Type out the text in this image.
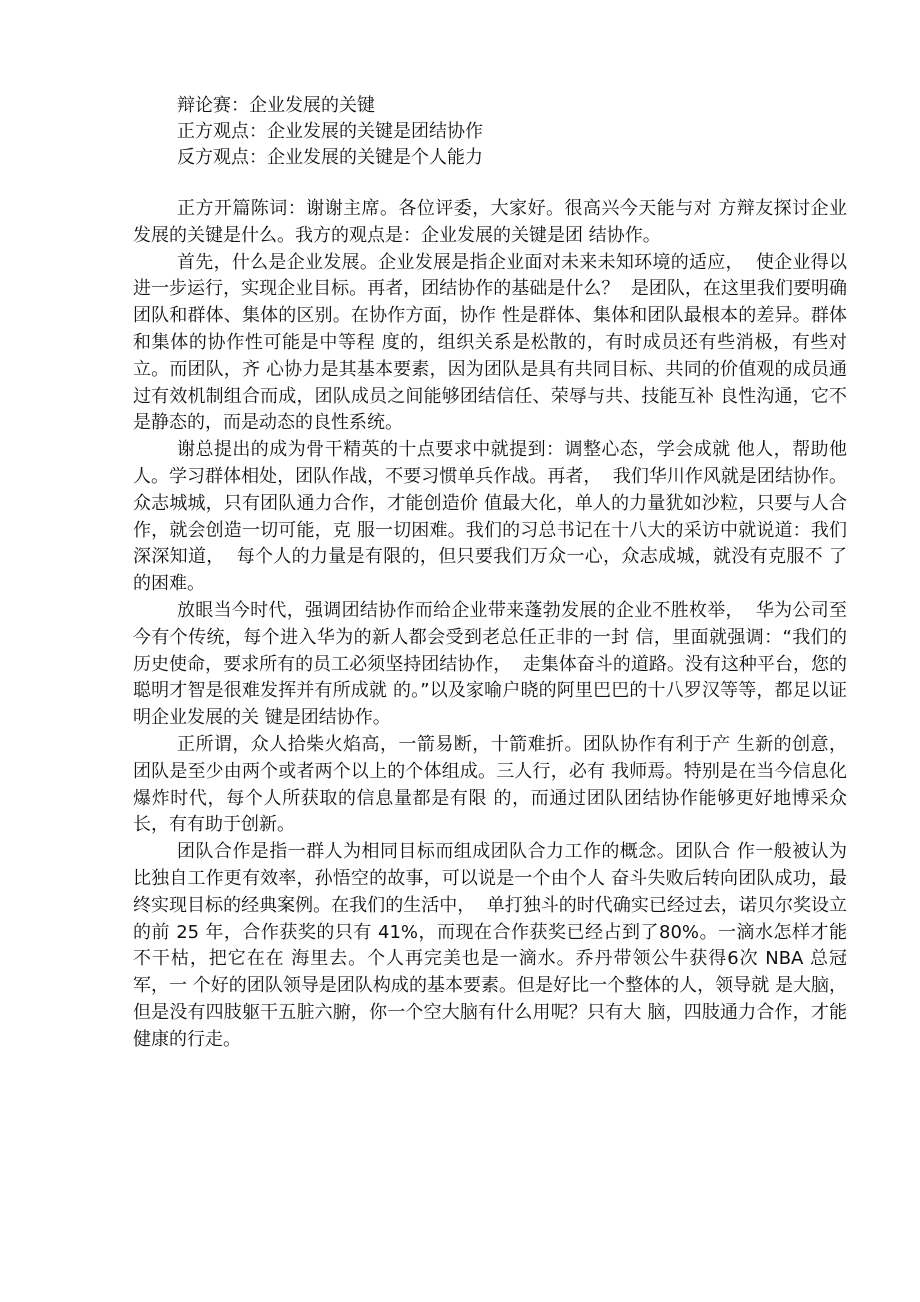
辩论赛：企业发展的关键
正方观点：企业发展的关键是团结协作
反方观点：企业发展的关键是个人能力

正方开篇陈词：谢谢主席。各位评委，大家好。很高兴今天能与对 方辩友探讨企业发展的关键是什么。我方的观点是：企业发展的关键是团 结协作。

首先，什么是企业发展。企业发展是指企业面对未来未知环境的适应，  使企业得以进一步运行，实现企业目标。再者，团结协作的基础是什么？  是团队，在这里我们要明确团队和群体、集体的区别。在协作方面，协作 性是群体、集体和团队最根本的差异。群体和集体的协作性可能是中等程 度的，组织关系是松散的，有时成员还有些消极，有些对立。而团队，齐 心协力是其基本要素，因为团队是具有共同目标、共同的价值观的成员通 过有效机制组合而成，团队成员之间能够团结信任、荣辱与共、技能互补 良性沟通，它不是静态的，而是动态的良性系统。

谢总提出的成为骨干精英的十点要求中就提到：调整心态，学会成就 他人，帮助他人。学习群体相处，团队作战，不要习惯单兵作战。再者，  我们华川作风就是团结协作。众志城城，只有团队通力合作，才能创造价 值最大化，单人的力量犹如沙粒，只要与人合作，就会创造一切可能，克 服一切困难。我们的习总书记在十八大的采访中就说道：我们深深知道，  每个人的力量是有限的，但只要我们万众一心，众志成城，就没有克服不 了的困难。

放眼当今时代，强调团结协作而给企业带来蓬勃发展的企业不胜枚举，  华为公司至今有个传统，每个进入华为的新人都会受到老总任正非的一封 信，里面就强调：“我们的历史使命，要求所有的员工必须坚持团结协作，  走集体奋斗的道路。没有这种平台，您的聪明才智是很难发挥并有所成就 的。”以及家喻户晓的阿里巴巴的十八罗汉等等，都足以证明企业发展的关 键是团结协作。

正所谓，众人拾柴火焰高，一箭易断，十箭难折。团队协作有利于产 生新的创意，团队是至少由两个或者两个以上的个体组成。三人行，必有 我师焉。特别是在当今信息化爆炸时代，每个人所获取的信息量都是有限 的，而通过团队团结协作能够更好地博采众长，有有助于创新。

团队合作是指一群人为相同目标而组成团队合力工作的概念。团队合 作一般被认为比独自工作更有效率，孙悟空的故事，可以说是一个由个人 奋斗失败后转向团队成功，最终实现目标的经典案例。在我们的生活中，  单打独斗的时代确实已经过去，诺贝尔奖设立的前 25 年，合作获奖的只有 41%，而现在合作获奖已经占到了80%。一滴水怎样才能不干枯，把它在在 海里去。个人再完美也是一滴水。乔丹带领公牛获得6次 NBA 总冠军，一 个好的团队领导是团队构成的基本要素。但是好比一个整体的人，领导就 是大脑，但是没有四肢躯干五脏六腑，你一个空大脑有什么用呢？只有大 脑，四肢通力合作，才能健康的行走。
